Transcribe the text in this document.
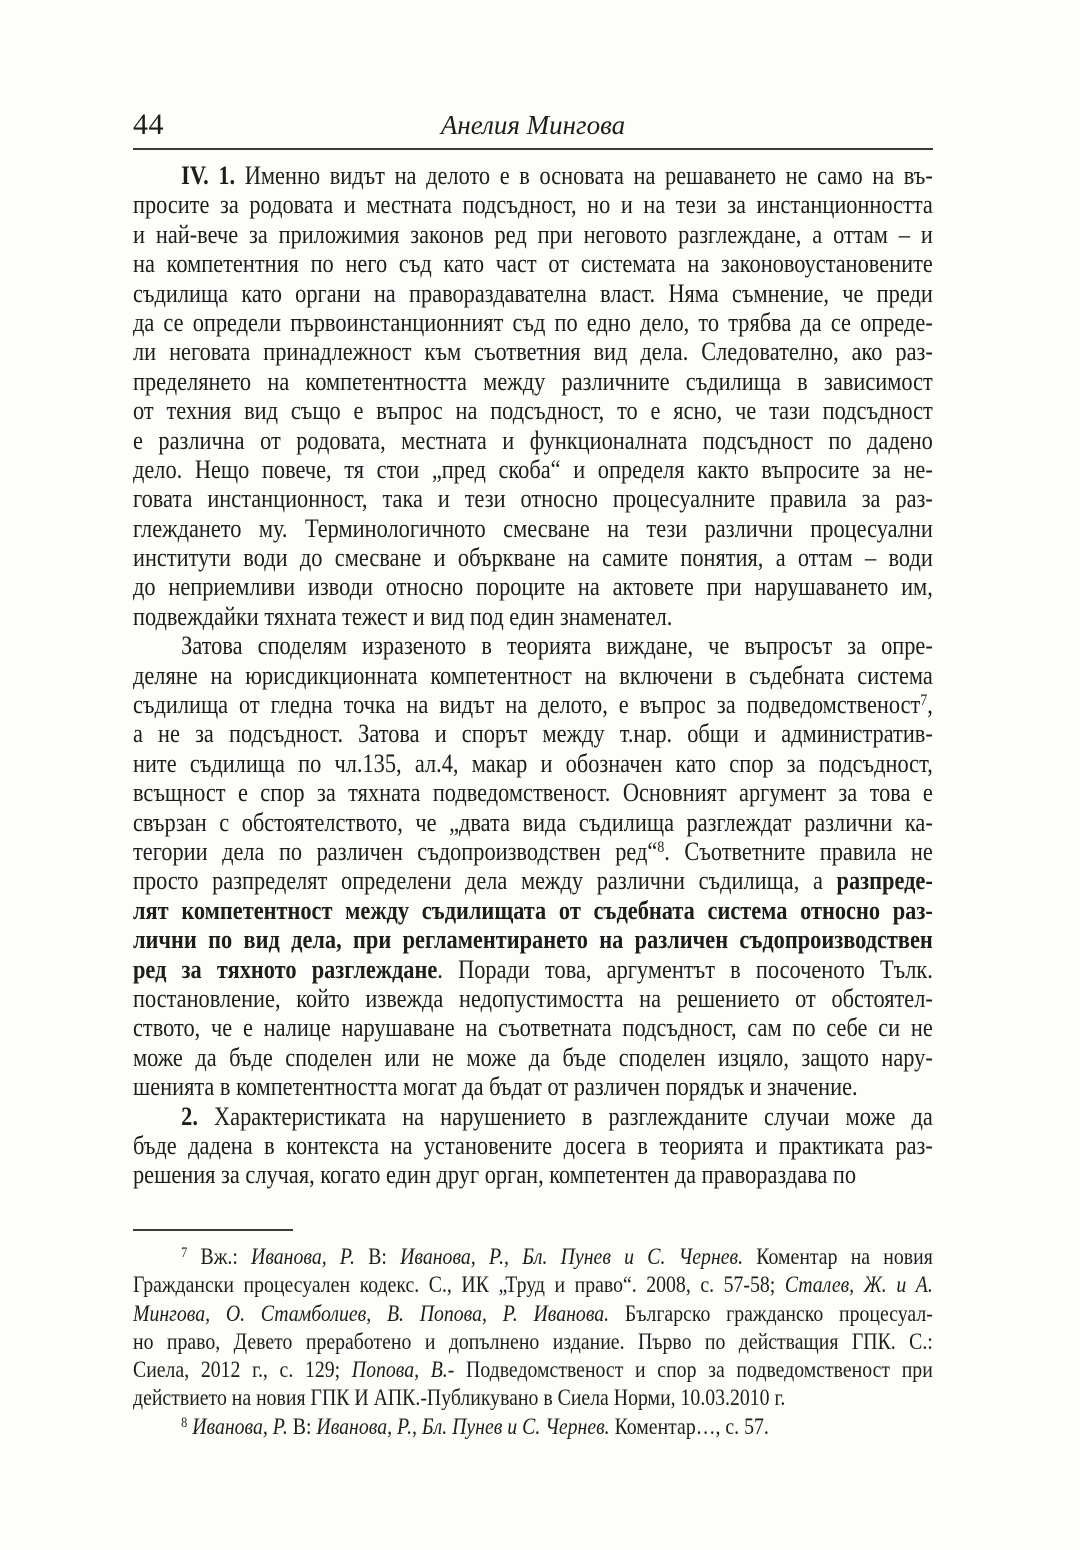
44	Анелия Мингова
IV. 1. Именно видът на делото е в основата на решаването не само на въ-
просите за родовата и местната подсъдност, но и на тези за инстанционността
и най-вече за приложимия законов ред при неговото разглеждане, а оттам – и
на компетентния по него съд като част от системата на законовоустановените
съдилища като органи на правораздавателна власт. Няма съмнение, че преди
да се определи първоинстанционният съд по едно дело, то трябва да се опреде-
ли неговата принадлежност към съответния вид дела. Следователно, ако раз-
пределянето на компетентността между различните съдилища в зависимост
от техния вид също е въпрос на подсъдност, то е ясно, че тази подсъдност
е различна от родовата, местната и функционалната подсъдност по дадено
дело. Нещо повече, тя стои „пред скоба“ и определя както въпросите за не-
говата инстанционност, така и тези относно процесуалните правила за раз-
глеждането му. Терминологичното смесване на тези различни процесуални
институти води до смесване и объркване на самите понятия, а оттам – води
до неприемливи изводи относно пороците на актовете при нарушаването им,
подвеждайки тяхната тежест и вид под един знаменател.
Затова споделям изразеното в теорията виждане, че въпросът за опре-
деляне на юрисдикционната компетентност на включени в съдебната система
съдилища от гледна точка на видът на делото, е въпрос за подведомственост$^7$,
а не за подсъдност. Затова и спорът между т.нар. общи и административ-
ните съдилища по чл.135, ал.4, макар и обозначен като спор за подсъдност,
всъщност е спор за тяхната подведомственост. Основният аргумент за това е
свързан с обстоятелството, че „двата вида съдилища разглеждат различни ка-
тегории дела по различен съдопроизводствен ред“$^8$. Съответните правила не
просто разпределят определени дела между различни съдилища, а разпреде-
лят компетентност между съдилищата от съдебната система относно раз-
лични по вид дела, при регламентирането на различен съдопроизводствен
ред за тяхното разглеждане. Поради това, аргументът в посоченото Тълк.
постановление, който извежда недопустимостта на решението от обстоятел-
ството, че е налице нарушаване на съответната подсъдност, сам по себе си не
може да бъде споделен или не може да бъде споделен изцяло, защото нару-
шенията в компетентността могат да бъдат от различен порядък и значение.
2. Характеристиката на нарушението в разглежданите случаи може да
бъде дадена в контекста на установените досега в теорията и практиката раз-
решения за случая, когато един друг орган, компетентен да правораздава по
$^7$ Вж.: Иванова, Р. В: Иванова, Р., Бл. Пунев и С. Чернев. Коментар на новия
Граждански процесуален кодекс. С., ИК „Труд и право“. 2008, с. 57-58; Сталев, Ж. и А.
Мингова, О. Стамболиев, В. Попова, Р. Иванова. Българско гражданско процесуал-
но право, Девето преработено и допълнено издание. Първо по действащия ГПК. С.:
Сиела, 2012 г., с. 129; Попова, В.- Подведомственост и спор за подведомственост при
действието на новия ГПК И АПК.-Публикувано в Сиела Норми, 10.03.2010 г.
$^8$ Иванова, Р. В: Иванова, Р., Бл. Пунев и С. Чернев. Коментар…, с. 57.
